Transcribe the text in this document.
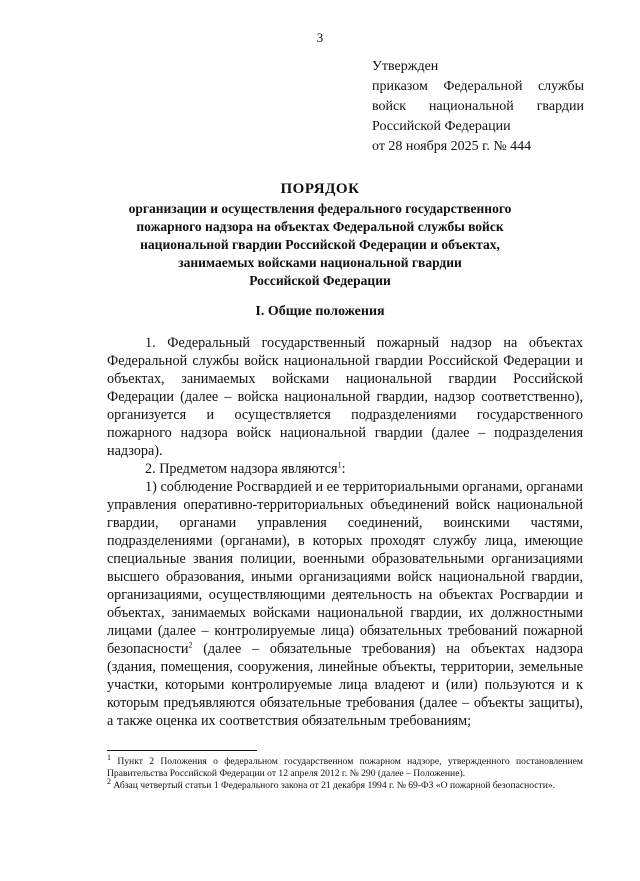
3
Утвержден
приказом Федеральной службы
войск национальной гвардии
Российской Федерации
от 28 ноября 2025 г. № 444
ПОРЯДОК
организации и осуществления федерального государственного
пожарного надзора на объектах Федеральной службы войск
национальной гвардии Российской Федерации и объектах,
занимаемых войсками национальной гвардии
Российской Федерации
I. Общие положения

1. Федеральный государственный пожарный надзор на объектах Федеральной службы войск национальной гвардии Российской Федерации и объектах, занимаемых войсками национальной гвардии Российской Федерации (далее – войска национальной гвардии, надзор соответственно), организуется и осуществляется подразделениями государственного пожарного надзора войск национальной гвардии (далее – подразделения надзора).

2. Предметом надзора являются$^1$:

1) соблюдение Росгвардией и ее территориальными органами, органами управления оперативно-территориальных объединений войск национальной гвардии, органами управления соединений, воинскими частями, подразделениями (органами), в которых проходят службу лица, имеющие специальные звания полиции, военными образовательными организациями высшего образования, иными организациями войск национальной гвардии, организациями, осуществляющими деятельность на объектах Росгвардии и объектах, занимаемых войсками национальной гвардии, их должностными лицами (далее – контролируемые лица) обязательных требований пожарной безопасности$^2$ (далее – обязательные требования) на объектах надзора (здания, помещения, сооружения, линейные объекты, территории, земельные участки, которыми контролируемые лица владеют и (или) пользуются и к которым предъявляются обязательные требования (далее – объекты защиты), а также оценка их соответствия обязательным требованиям;

$^1$ Пункт 2 Положения о федеральном государственном пожарном надзоре, утвержденного постановлением Правительства Российской Федерации от 12 апреля 2012 г. № 290 (далее – Положение).

$^2$ Абзац четвертый статьи 1 Федерального закона от 21 декабря 1994 г. № 69-ФЗ «О пожарной безопасности».
